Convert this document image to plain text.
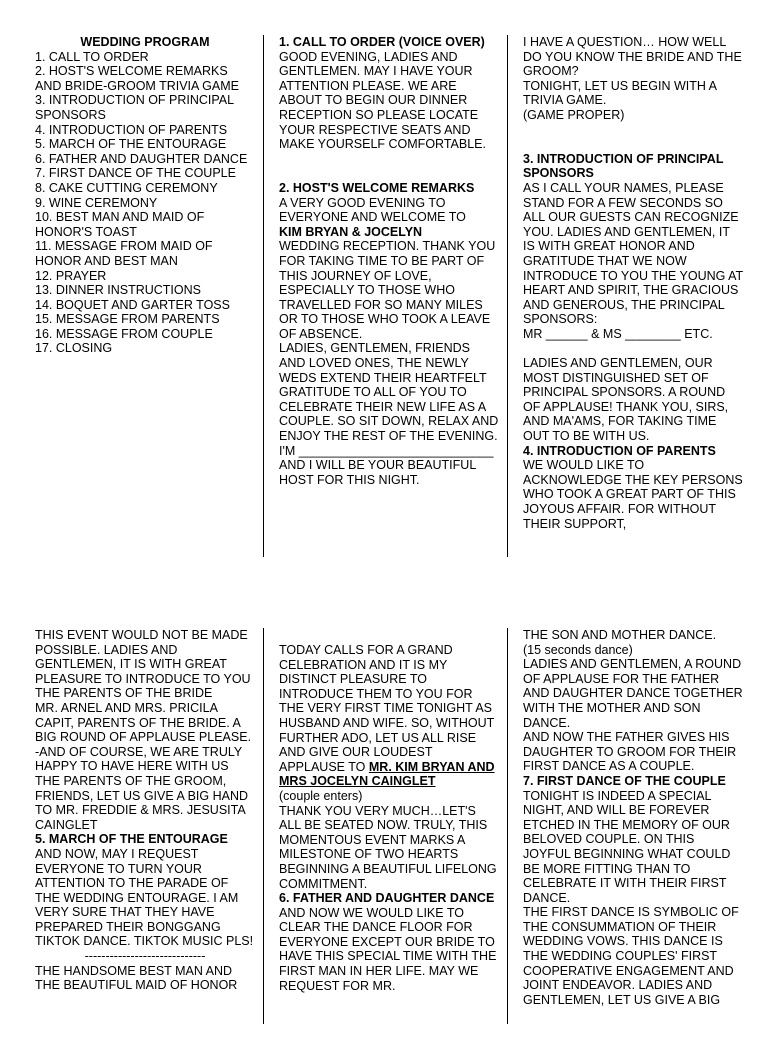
WEDDING PROGRAM
1. CALL TO ORDER
2. HOST'S WELCOME REMARKS
AND BRIDE-GROOM TRIVIA GAME
3. INTRODUCTION OF PRINCIPAL SPONSORS
4. INTRODUCTION OF PARENTS
5. MARCH OF THE ENTOURAGE
6. FATHER AND DAUGHTER DANCE
7. FIRST DANCE OF THE COUPLE
8. CAKE CUTTING CEREMONY
9. WINE CEREMONY
10. BEST MAN AND MAID OF HONOR'S TOAST
11. MESSAGE FROM MAID OF HONOR AND BEST MAN
12. PRAYER
13. DINNER INSTRUCTIONS
14. BOQUET AND GARTER TOSS
15. MESSAGE FROM PARENTS
16. MESSAGE FROM COUPLE
17. CLOSING
1. CALL TO ORDER (VOICE OVER)
GOOD EVENING, LADIES AND GENTLEMEN. MAY I HAVE YOUR ATTENTION PLEASE. WE ARE ABOUT TO BEGIN OUR DINNER RECEPTION SO PLEASE LOCATE YOUR RESPECTIVE SEATS AND MAKE YOURSELF COMFORTABLE.
2. HOST'S WELCOME REMARKS
A VERY GOOD EVENING TO EVERYONE AND WELCOME TO
KIM BRYAN & JOCELYN
WEDDING RECEPTION. THANK YOU FOR TAKING TIME TO BE PART OF THIS JOURNEY OF LOVE, ESPECIALLY TO THOSE WHO TRAVELLED FOR SO MANY MILES OR TO THOSE WHO TOOK A LEAVE OF ABSENCE.
LADIES, GENTLEMEN, FRIENDS AND LOVED ONES, THE NEWLY WEDS EXTEND THEIR HEARTFELT GRATITUDE TO ALL OF YOU TO CELEBRATE THEIR NEW LIFE AS A COUPLE. SO SIT DOWN, RELAX AND ENJOY THE REST OF THE EVENING.
I'M ____________________________
AND I WILL BE YOUR BEAUTIFUL HOST FOR THIS NIGHT.
I HAVE A QUESTION… HOW WELL DO YOU KNOW THE BRIDE AND THE GROOM?
TONIGHT, LET US BEGIN WITH A TRIVIA GAME.
(GAME PROPER)
3. INTRODUCTION OF PRINCIPAL SPONSORS
AS I CALL YOUR NAMES, PLEASE STAND FOR A FEW SECONDS SO ALL OUR GUESTS CAN RECOGNIZE YOU. LADIES AND GENTLEMEN, IT IS WITH GREAT HONOR AND GRATITUDE THAT WE NOW INTRODUCE TO YOU THE YOUNG AT HEART AND SPIRIT, THE GRACIOUS AND GENEROUS, THE PRINCIPAL SPONSORS:
MR ______ & MS ________ ETC.
LADIES AND GENTLEMEN, OUR MOST DISTINGUISHED SET OF PRINCIPAL SPONSORS. A ROUND OF APPLAUSE! THANK YOU, SIRS, AND MA'AMS, FOR TAKING TIME OUT TO BE WITH US.
4. INTRODUCTION OF PARENTS
WE WOULD LIKE TO ACKNOWLEDGE THE KEY PERSONS WHO TOOK A GREAT PART OF THIS JOYOUS AFFAIR. FOR WITHOUT THEIR SUPPORT,
THIS EVENT WOULD NOT BE MADE POSSIBLE. LADIES AND GENTLEMEN, IT IS WITH GREAT PLEASURE TO INTRODUCE TO YOU THE PARENTS OF THE BRIDE
MR. ARNEL AND MRS. PRICILA CAPIT, PARENTS OF THE BRIDE. A BIG ROUND OF APPLAUSE PLEASE.
-AND OF COURSE, WE ARE TRULY HAPPY TO HAVE HERE WITH US THE PARENTS OF THE GROOM, FRIENDS, LET US GIVE A BIG HAND TO MR. FREDDIE & MRS. JESUSITA CAINGLET
5. MARCH OF THE ENTOURAGE
AND NOW, MAY I REQUEST EVERYONE TO TURN YOUR ATTENTION TO THE PARADE OF THE WEDDING ENTOURAGE. I AM VERY SURE THAT THEY HAVE PREPARED THEIR BONGGANG TIKTOK DANCE. TIKTOK MUSIC PLS!
-----------------------------
THE HANDSOME BEST MAN AND THE BEAUTIFUL MAID OF HONOR
TODAY CALLS FOR A GRAND CELEBRATION AND IT IS MY DISTINCT PLEASURE TO INTRODUCE THEM TO YOU FOR THE VERY FIRST TIME TONIGHT AS HUSBAND AND WIFE. SO, WITHOUT FURTHER ADO, LET US ALL RISE AND GIVE OUR LOUDEST APPLAUSE TO MR. KIM BRYAN AND MRS JOCELYN CAINGLET
(couple enters)
THANK YOU VERY MUCH…LET'S ALL BE SEATED NOW. TRULY, THIS MOMENTOUS EVENT MARKS A MILESTONE OF TWO HEARTS BEGINNING A BEAUTIFUL LIFELONG COMMITMENT.
6. FATHER AND DAUGHTER DANCE
AND NOW WE WOULD LIKE TO CLEAR THE DANCE FLOOR FOR EVERYONE EXCEPT OUR BRIDE TO HAVE THIS SPECIAL TIME WITH THE FIRST MAN IN HER LIFE. MAY WE REQUEST FOR MR.
THE SON AND MOTHER DANCE.
(15 seconds dance)
LADIES AND GENTLEMEN, A ROUND OF APPLAUSE FOR THE FATHER AND DAUGHTER DANCE TOGETHER WITH THE MOTHER AND SON DANCE.
AND NOW THE FATHER GIVES HIS DAUGHTER TO GROOM FOR THEIR FIRST DANCE AS A COUPLE.
7. FIRST DANCE OF THE COUPLE
TONIGHT IS INDEED A SPECIAL NIGHT, AND WILL BE FOREVER ETCHED IN THE MEMORY OF OUR BELOVED COUPLE. ON THIS JOYFUL BEGINNING WHAT COULD BE MORE FITTING THAN TO CELEBRATE IT WITH THEIR FIRST DANCE.
THE FIRST DANCE IS SYMBOLIC OF THE CONSUMMATION OF THEIR WEDDING VOWS. THIS DANCE IS THE WEDDING COUPLES' FIRST COOPERATIVE ENGAGEMENT AND JOINT ENDEAVOR. LADIES AND GENTLEMEN, LET US GIVE A BIG
